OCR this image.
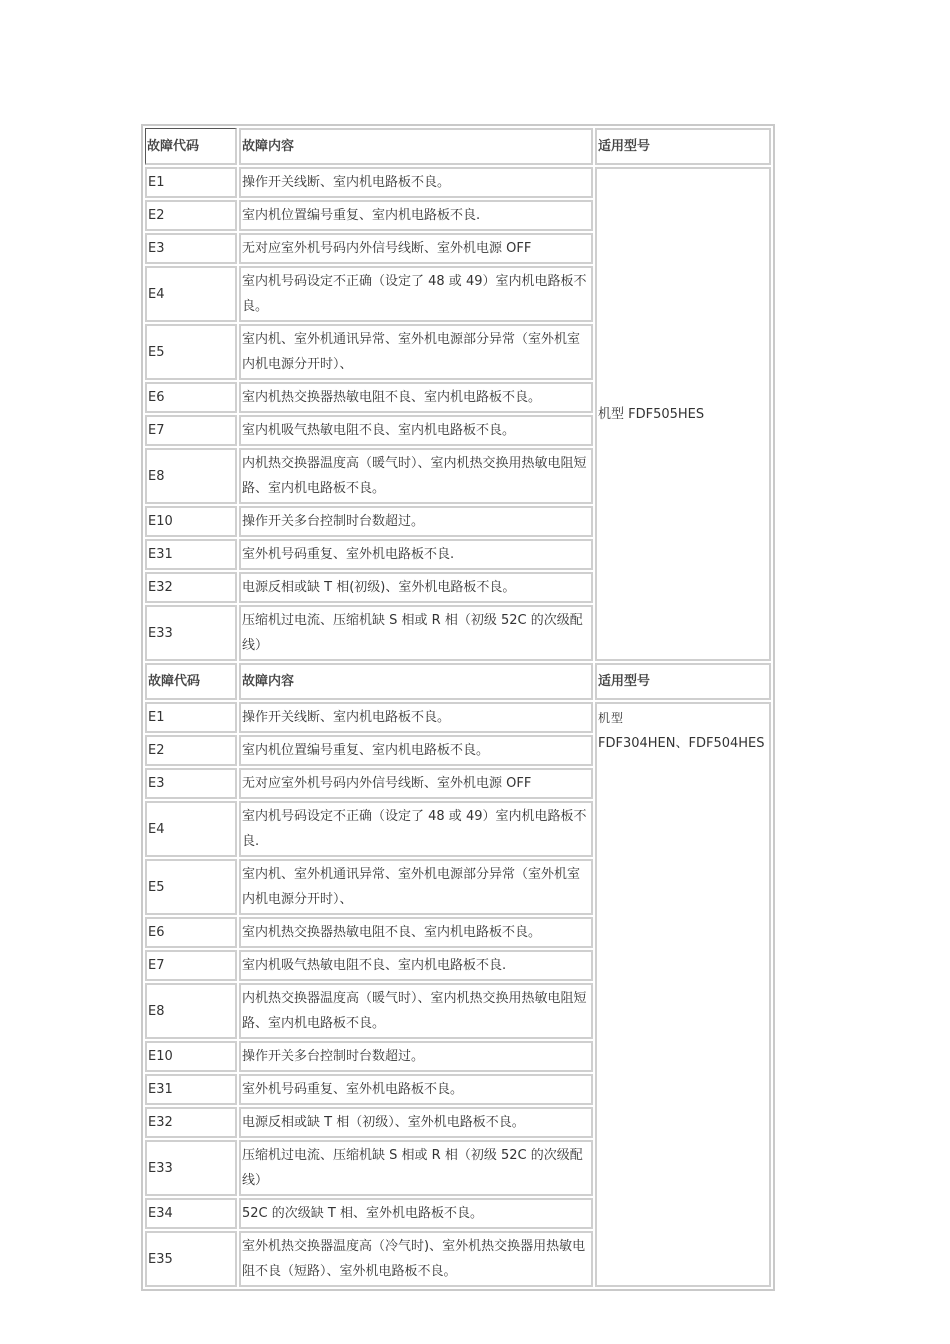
故障代码	故障内容	适用型号
E1	操作开关线断、室内机电路板不良。	机型 FDF505HES
E2	室内机位置编号重复、室内机电路板不良.	
E3	无对应室外机号码内外信号线断、室外机电源 OFF	
E4	室内机号码设定不正确（设定了 48 或 49）室内机电路板不良。	
E5	室内机、室外机通讯异常、室外机电源部分异常（室外机室内机电源分开时）、	
E6	室内机热交换器热敏电阻不良、室内机电路板不良。	
E7	室内机吸气热敏电阻不良、室内机电路板不良。	
E8	内机热交换器温度高（暖气时）、室内机热交换用热敏电阻短路、室内机电路板不良。	
E10	操作开关多台控制时台数超过。	
E31	室外机号码重复、室外机电路板不良.	
E32	电源反相或缺 T 相(初级)、室外机电路板不良。	
E33	压缩机过电流、压缩机缺 S 相或 R 相（初级 52C 的次级配线）	
故障代码	故障内容	适用型号
E1	操作开关线断、室内机电路板不良。	机型
FDF304HEN、FDF504HES

E2	室内机位置编号重复、室内机电路板不良。	
E3	无对应室外机号码内外信号线断、室外机电源 OFF	
E4	室内机号码设定不正确（设定了 48 或 49）室内机电路板不良.	
E5	室内机、室外机通讯异常、室外机电源部分异常（室外机室内机电源分开时）、	
E6	室内机热交换器热敏电阻不良、室内机电路板不良。	
E7	室内机吸气热敏电阻不良、室内机电路板不良.	
E8	内机热交换器温度高（暖气时）、室内机热交换用热敏电阻短路、室内机电路板不良。	
E10	操作开关多台控制时台数超过。	
E31	室外机号码重复、室外机电路板不良。	
E32	电源反相或缺 T 相（初级）、室外机电路板不良。	
E33	压缩机过电流、压缩机缺 S 相或 R 相（初级 52C 的次级配线）	
E34	52C 的次级缺 T 相、室外机电路板不良。	
E35	室外机热交换器温度高（冷气时)、室外机热交换器用热敏电阻不良（短路）、室外机电路板不良。	
